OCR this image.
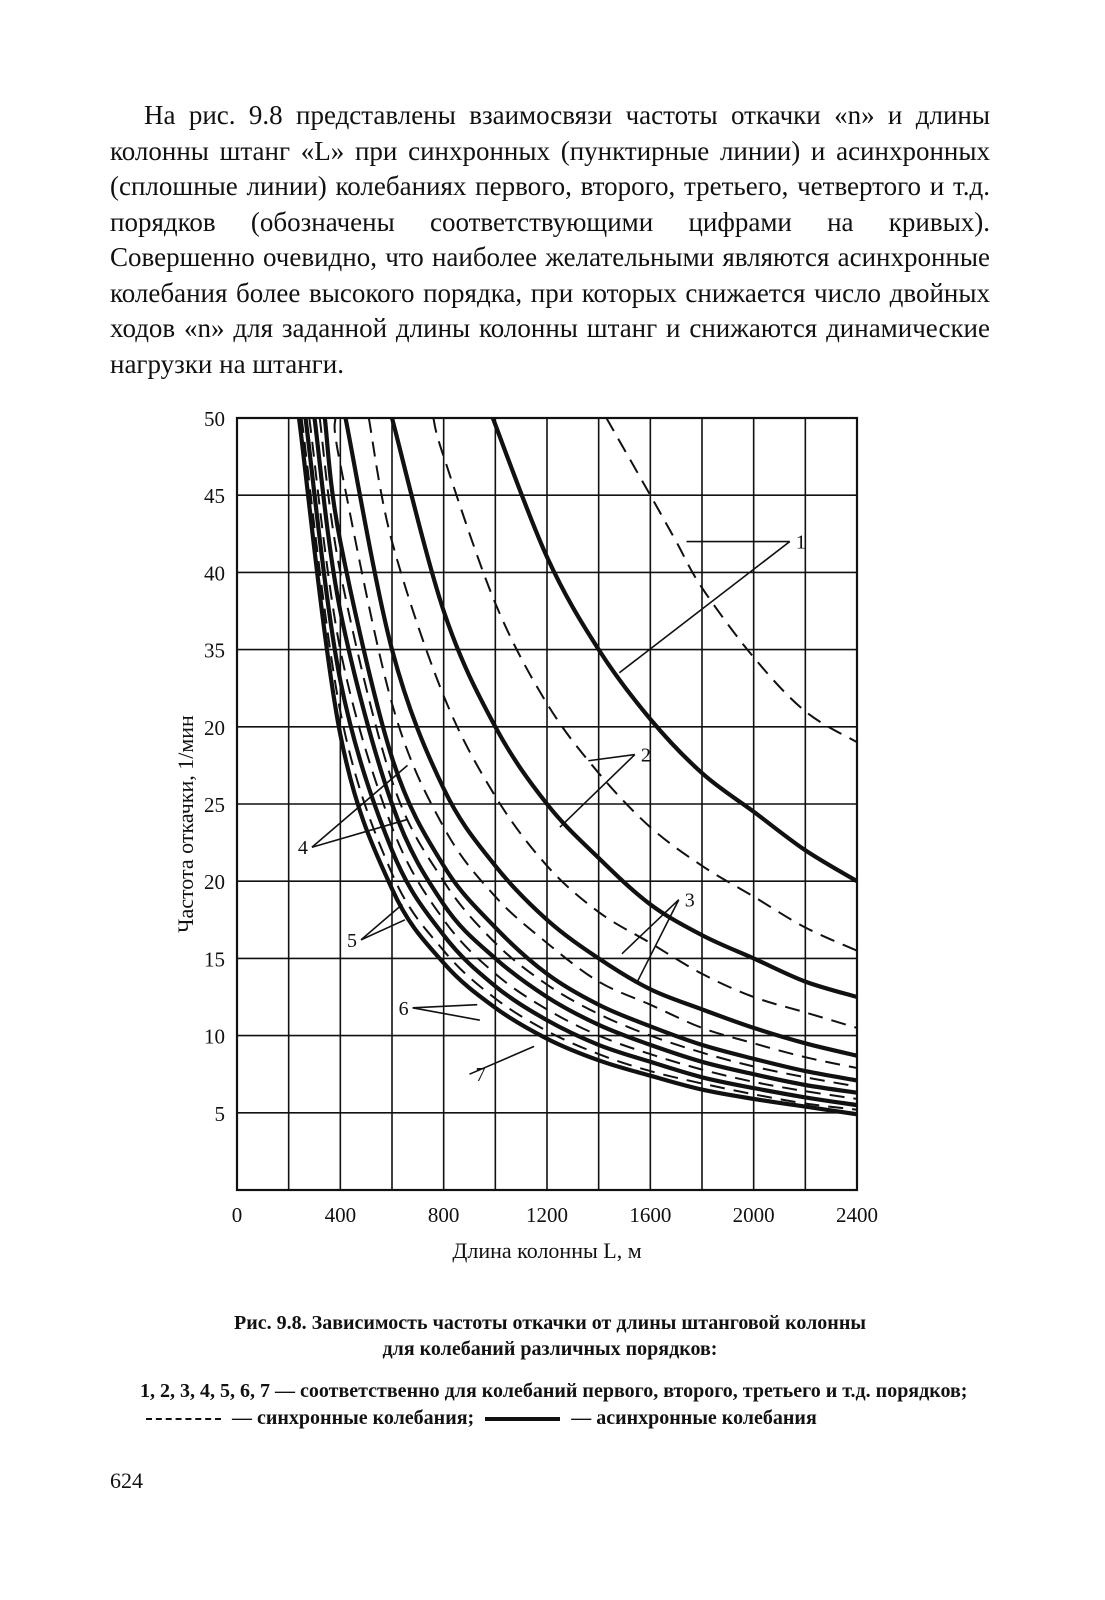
На рис. 9.8 представлены взаимосвязи частоты откачки «n» и длины колонны штанг «L» при синхронных (пунктирные линии) и асинхронных (сплошные линии) колебаниях первого, второго, третьего, четвертого и т.д. порядков (обозначены соответствующими цифрами на кривых). Совершенно очевидно, что наиболее желательными являются асинхронные колебания более высокого порядка, при которых снижается число двойных ходов «n» для заданной длины колонны штанг и снижаются динамические нагрузки на штанги.

0	400	800	1200	1600	2000	2400
5
10
15
20
25
20
35
40
45
50
Длина колонны L, м
Частота откачки, 1/мин
1
2
3
4
5
6
7
Рис. 9.8. Зависимость частоты откачки от длины штанговой колонны
для колебаний различных порядков:
1, 2, 3, 4, 5, 6, 7 — соответственно для колебаний первого, второго, третьего и т.д. порядков;  — синхронные колебания;	— асинхронные колебания
624
